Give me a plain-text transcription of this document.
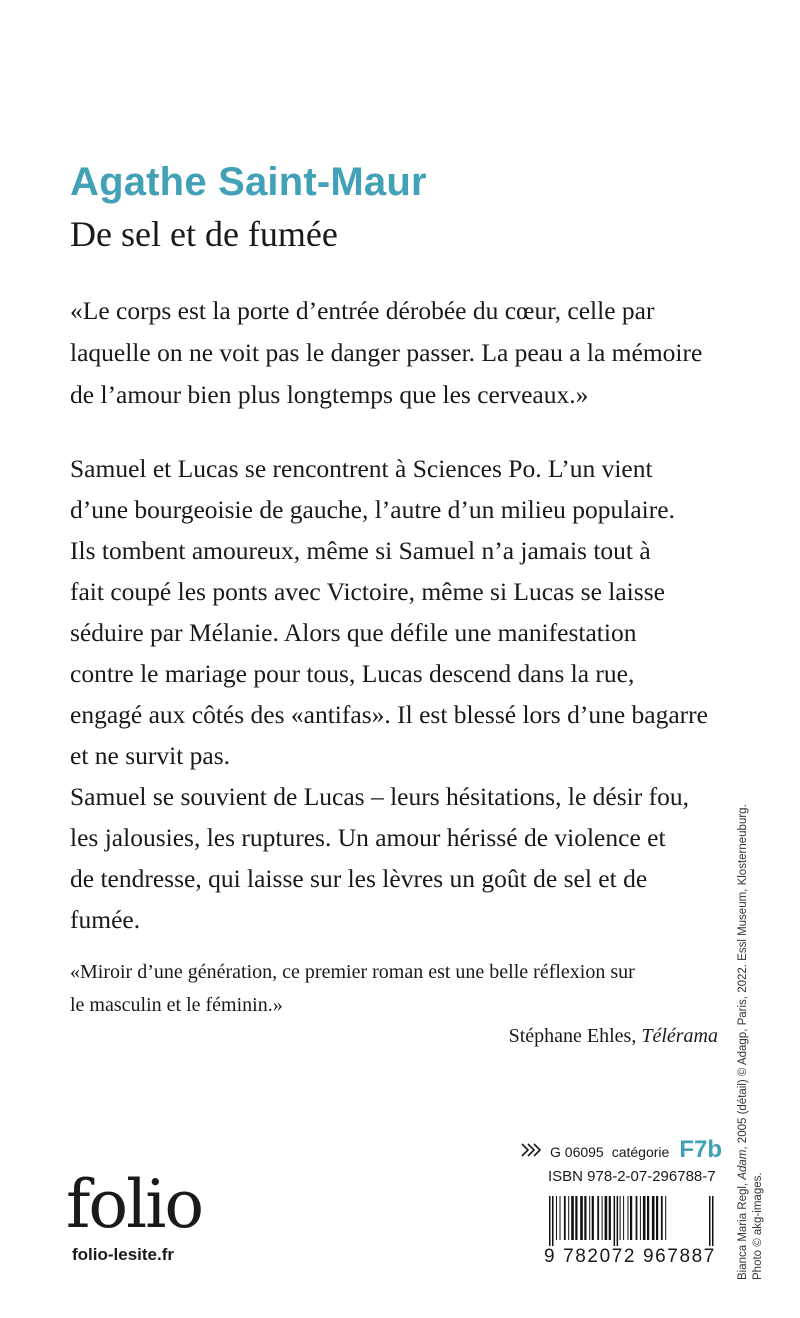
Agathe Saint-Maur
De sel et de fumée
«Le corps est la porte d’entrée dérobée du cœur, celle par
laquelle on ne voit pas le danger passer. La peau a la mémoire
de l’amour bien plus longtemps que les cerveaux.»
Samuel et Lucas se rencontrent à Sciences Po. L’un vient
d’une bourgeoisie de gauche, l’autre d’un milieu populaire.
Ils tombent amoureux, même si Samuel n’a jamais tout à
fait coupé les ponts avec Victoire, même si Lucas se laisse
séduire par Mélanie. Alors que défile une manifestation
contre le mariage pour tous, Lucas descend dans la rue,
engagé aux côtés des «antifas». Il est blessé lors d’une bagarre
et ne survit pas.
Samuel se souvient de Lucas – leurs hésitations, le désir fou,
les jalousies, les ruptures. Un amour hérissé de violence et
de tendresse, qui laisse sur les lèvres un goût de sel et de
fumée.
«Miroir d’une génération, ce premier roman est une belle réflexion sur
le masculin et le féminin.»

Stéphane Ehles, Télérama

G 06095 catégorie F7b
ISBN 978-2-07-296788-7
9 782072 967887
folio
folio-lesite.fr	Bianca Maria Regl, Adam, 2005 (détail) © Adagp, Paris, 2022. Essl Museum, Klosterneuburg.
Photo © akg-images.
